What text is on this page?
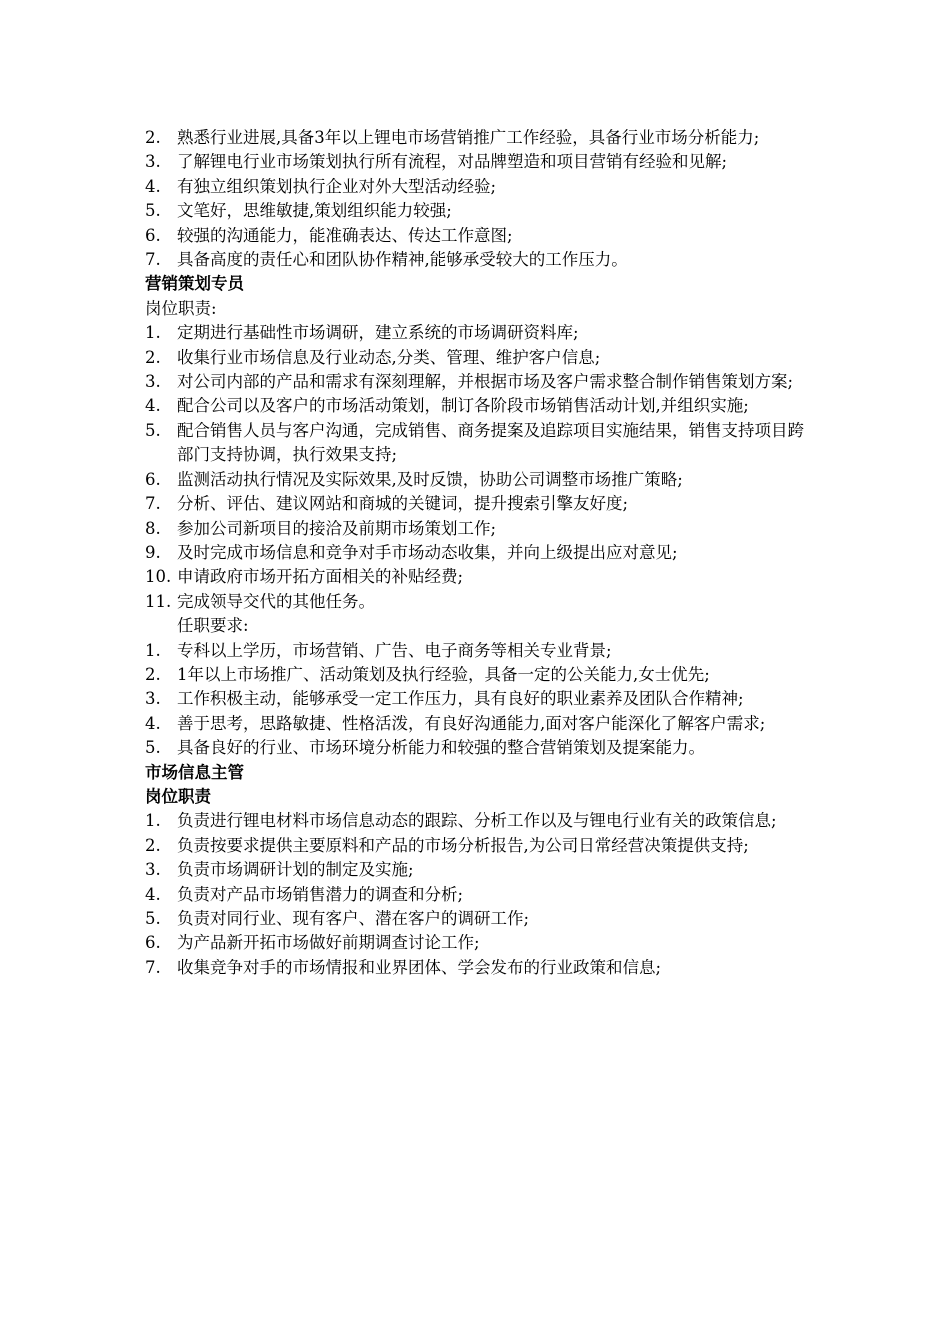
2. 熟悉行业进展,具备3年以上锂电市场营销推广工作经验，具备行业市场分析能力;
3. 了解锂电行业市场策划执行所有流程，对品牌塑造和项目营销有经验和见解;
4. 有独立组织策划执行企业对外大型活动经验;
5. 文笔好，思维敏捷,策划组织能力较强;
6. 较强的沟通能力，能准确表达、传达工作意图;
7. 具备高度的责任心和团队协作精神,能够承受较大的工作压力。
营销策划专员
岗位职责:
1. 定期进行基础性市场调研，建立系统的市场调研资料库;
2. 收集行业市场信息及行业动态,分类、管理、维护客户信息;
3. 对公司内部的产品和需求有深刻理解，并根据市场及客户需求整合制作销售策划方案;
4. 配合公司以及客户的市场活动策划，制订各阶段市场销售活动计划,并组织实施;
5. 配合销售人员与客户沟通，完成销售、商务提案及追踪项目实施结果，销售支持项目跨部门支持协调，执行效果支持;
6. 监测活动执行情况及实际效果,及时反馈，协助公司调整市场推广策略;
7. 分析、评估、建议网站和商城的关键词，提升搜索引擎友好度;
8. 参加公司新项目的接洽及前期市场策划工作;
9. 及时完成市场信息和竞争对手市场动态收集，并向上级提出应对意见;
10. 申请政府市场开拓方面相关的补贴经费;
11. 完成领导交代的其他任务。
任职要求:
1. 专科以上学历，市场营销、广告、电子商务等相关专业背景;
2. 1年以上市场推广、活动策划及执行经验，具备一定的公关能力,女士优先;
3. 工作积极主动，能够承受一定工作压力，具有良好的职业素养及团队合作精神;
4. 善于思考，思路敏捷、性格活泼，有良好沟通能力,面对客户能深化了解客户需求;
5. 具备良好的行业、市场环境分析能力和较强的整合营销策划及提案能力。
市场信息主管
岗位职责
1. 负责进行锂电材料市场信息动态的跟踪、分析工作以及与锂电行业有关的政策信息;
2. 负责按要求提供主要原料和产品的市场分析报告,为公司日常经营决策提供支持;
3. 负责市场调研计划的制定及实施;
4. 负责对产品市场销售潜力的调查和分析;
5. 负责对同行业、现有客户、潜在客户的调研工作;
6. 为产品新开拓市场做好前期调查讨论工作;
7. 收集竞争对手的市场情报和业界团体、学会发布的行业政策和信息;
